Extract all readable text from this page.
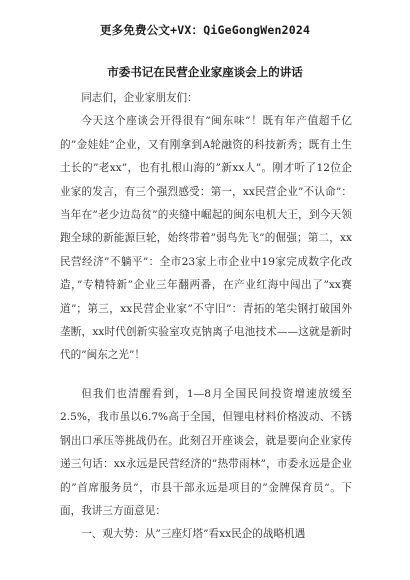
更多免费公文+VX：QiGeGongWen2024
市委书记在民营企业家座谈会上的讲话

同志们，企业家朋友们：

今天这个座谈会开得很有”闽东味”！既有年产值超千亿的”金娃娃”企业，又有刚拿到A轮融资的科技新秀；既有土生土长的”老xx”，也有扎根山海的”新xx人”。刚才听了12位企业家的发言，有三个强烈感受：第一，xx民营企业”不认命”：当年在”老少边岛贫”的夹缝中崛起的闽东电机大王，到今天领跑全球的新能源巨轮，始终带着”弱鸟先飞”的倔强；第二，xx民营经济”不躺平”：全市23家上市企业中19家完成数字化改造，”专精特新”企业三年翻两番，在产业红海中闯出了”xx赛道”；第三，xx民营企业家”不守旧”：青拓的笔尖钢打破国外垄断，xx时代创新实验室攻克钠离子电池技术——这就是新时代的”闽东之光”！

但我们也清醒看到，1—8月全国民间投资增速放缓至2.5%，我市虽以6.7%高于全国，但锂电材料价格波动、不锈钢出口承压等挑战仍在。此刻召开座谈会，就是要向企业家传递三句话：xx永远是民营经济的”热带雨林”，市委永远是企业的”首席服务员”，市县干部永远是项目的”金牌保育员”。下面，我讲三方面意见：

一、观大势：从”三座灯塔”看xx民企的战略机遇
